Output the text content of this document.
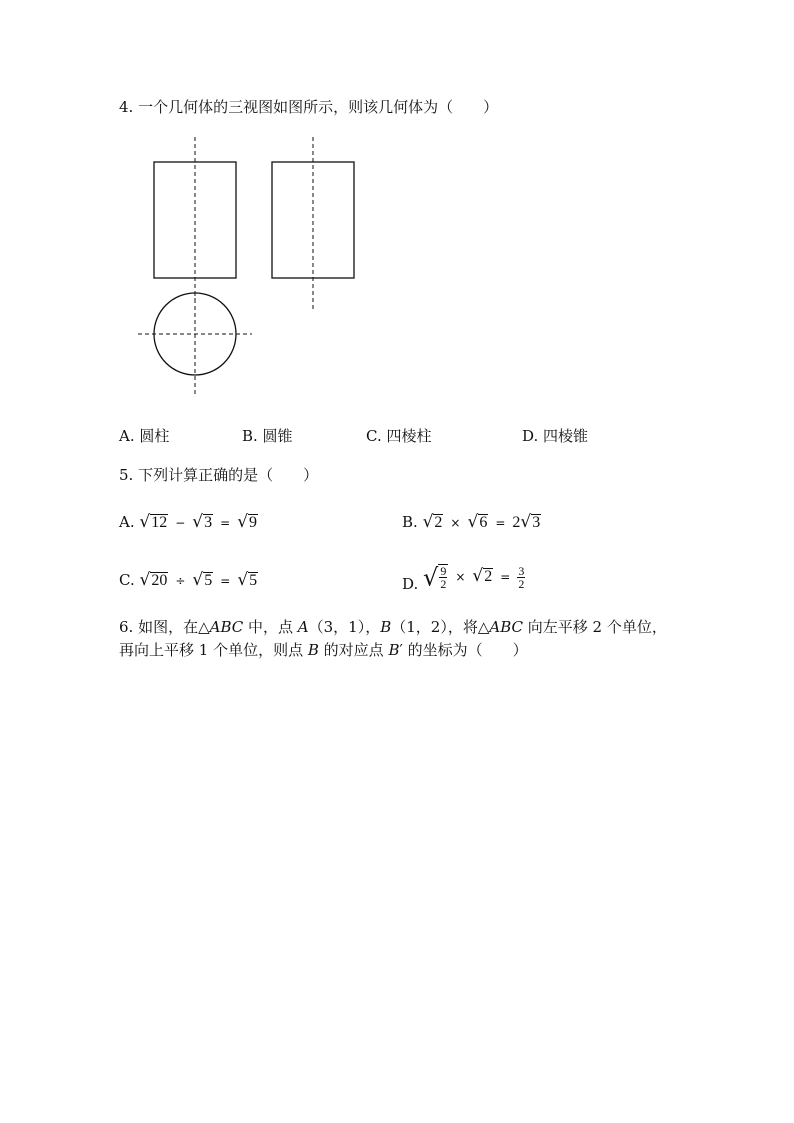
4. 一个几何体的三视图如图所示，则该几何体为（　　）
A. 圆柱	B. 圆锥	C. 四棱柱	D. 四棱锥
5. 下列计算正确的是（　　）
A. √12 − √3 = √9	B. √2 × √6 = 2√3
C. √20 ÷ √5 = √5	D. √ $\frac{9}{2} \times √2 = \frac{3}{2}$
6. 如图，在△ABC 中，点 A（3，1），B（1，2），将△ABC 向左平移 2 个单位，
再向上平移 1 个单位，则点 B 的对应点 B′ 的坐标为（　　）
